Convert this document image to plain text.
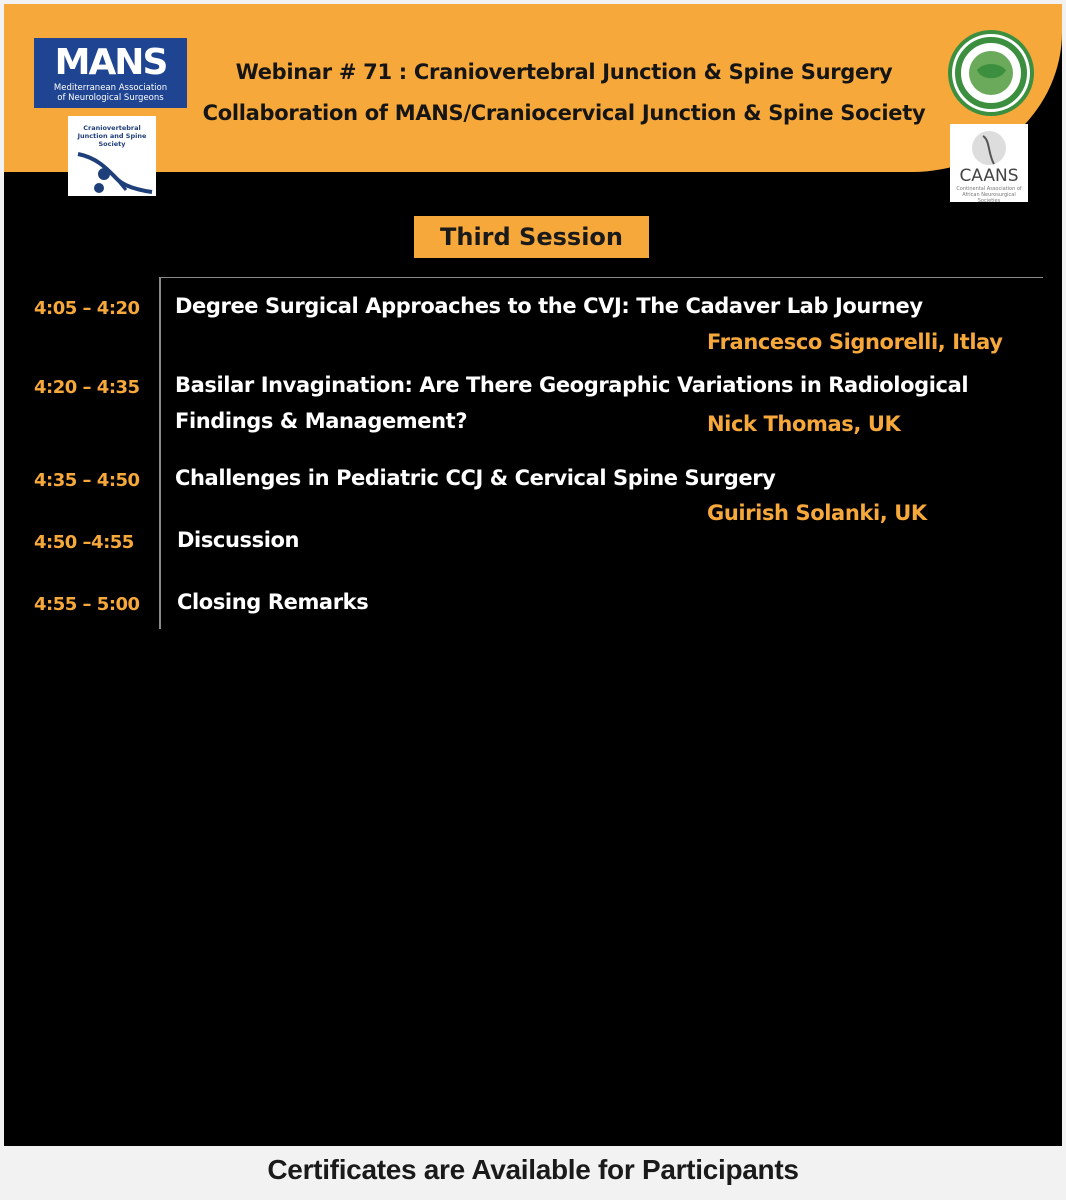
Webinar # 71 : Craniovertebral Junction & Spine Surgery
Collaboration of MANS/Craniocervical Junction & Spine Society
MANS
Mediterranean Association
of Neurological Surgeons
Craniovertebral Junction and Spine Society
CAANS
Continental Association of African Neurosurgical Societies
Third Session
4:05 – 4:20 Degree Surgical Approaches to the CVJ: The Cadaver Lab Journey
Francesco Signorelli, Itlay
4:20 – 4:35 Basilar Invagination: Are There Geographic Variations in Radiological
Findings & Management?	Nick Thomas, UK
4:35 – 4:50 Challenges in Pediatric CCJ & Cervical Spine Surgery
Guirish Solanki, UK
4:50 –4:55 Discussion
4:55 – 5:00 Closing Remarks
Certificates are Available for Participants
